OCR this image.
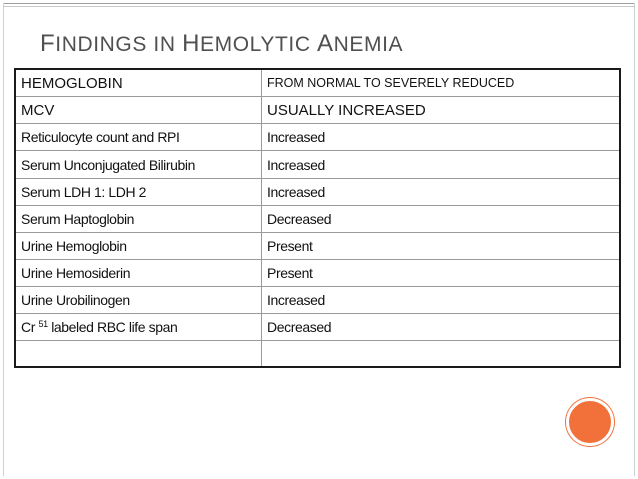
FINDINGS IN HEMOLYTIC ANEMIA
HEMOGLOBIN	FROM NORMAL TO SEVERELY REDUCED
MCV	USUALLY INCREASED
Reticulocyte count and RPI	Increased
Serum Unconjugated Bilirubin	Increased
Serum LDH 1: LDH 2	Increased
Serum Haptoglobin	Decreased
Urine Hemoglobin	Present
Urine Hemosiderin	Present
Urine Urobilinogen	Increased
Cr $^{51}$ labeled RBC life span	Decreased
